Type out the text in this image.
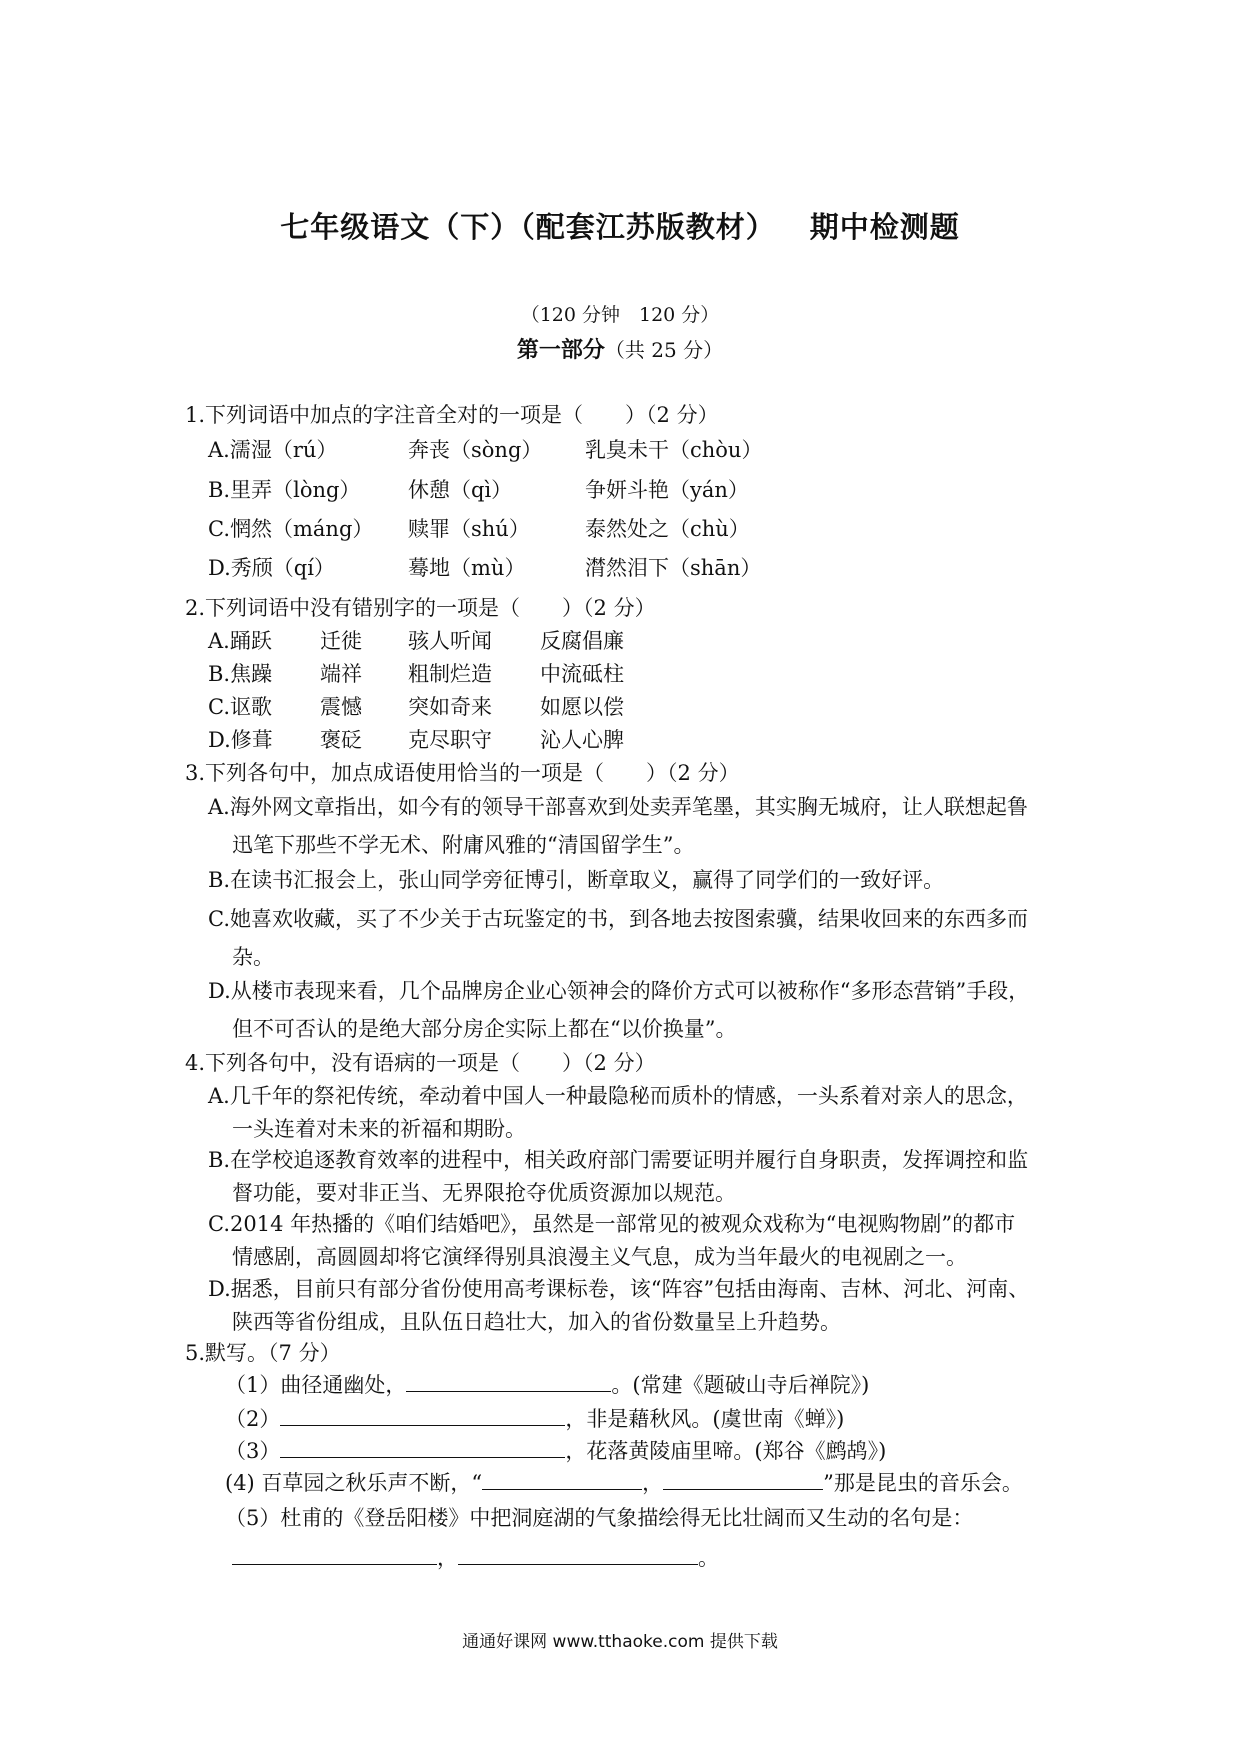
七年级语文（下）（配套江苏版教材） 期中检测题
（120 分钟　120 分）
第一部分（共 25 分）
1.下列词语中加点的字注音全对的一项是（　　）（2 分）
A.濡湿（rú）	奔丧（sòng） 乳臭未干（chòu）
B.里弄（lòng） 休憩（qì）	争妍斗艳（yán）
C.惘然（máng） 赎罪（shú）	泰然处之（chù）
D.秀颀（qí）	蓦地（mù）	潸然泪下（shān）
2.下列词语中没有错别字的一项是（　　）（2 分）
A.踊跃 迁徙 骇人听闻 反腐倡廉
B.焦躁 端祥 粗制烂造 中流砥柱
C.讴歌 震憾 突如奇来 如愿以偿
D.修葺 褒砭 克尽职守 沁人心脾
3.下列各句中，加点成语使用恰当的一项是（　　）（2 分）
A.海外网文章指出，如今有的领导干部喜欢到处卖弄笔墨，其实胸无城府，让人联想起鲁
迅笔下那些不学无术、附庸风雅的“清国留学生”。
B.在读书汇报会上，张山同学旁征博引，断章取义，赢得了同学们的一致好评。
C.她喜欢收藏，买了不少关于古玩鉴定的书，到各地去按图索骥，结果收回来的东西多而
杂。
D.从楼市表现来看，几个品牌房企业心领神会的降价方式可以被称作“多形态营销”手段，
但不可否认的是绝大部分房企实际上都在“以价换量”。
4.下列各句中，没有语病的一项是（　　）（2 分）
A.几千年的祭祀传统，牵动着中国人一种最隐秘而质朴的情感，一头系着对亲人的思念，
一头连着对未来的祈福和期盼。
B.在学校追逐教育效率的进程中，相关政府部门需要证明并履行自身职责，发挥调控和监
督功能，要对非正当、无界限抢夺优质资源加以规范。
C.2014 年热播的《咱们结婚吧》，虽然是一部常见的被观众戏称为“电视购物剧”的都市
情感剧，高圆圆却将它演绎得别具浪漫主义气息，成为当年最火的电视剧之一。
D.据悉，目前只有部分省份使用高考课标卷，该“阵容”包括由海南、吉林、河北、河南、
陕西等省份组成，且队伍日趋壮大，加入的省份数量呈上升趋势。
5.默写。（7 分）
（1）曲径通幽处，	。(常建《题破山寺后禅院》)
（2）	，非是藉秋风。(虞世南《蝉》)
（3）	，花落黄陵庙里啼。(郑谷《鹧鸪》)
(4) 百草园之秋乐声不断，“	，	”那是昆虫的音乐会。
（5）杜甫的《登岳阳楼》中把洞庭湖的气象描绘得无比壮阔而又生动的名句是：
，	。
通通好课网 www.tthaoke.com 提供下载
